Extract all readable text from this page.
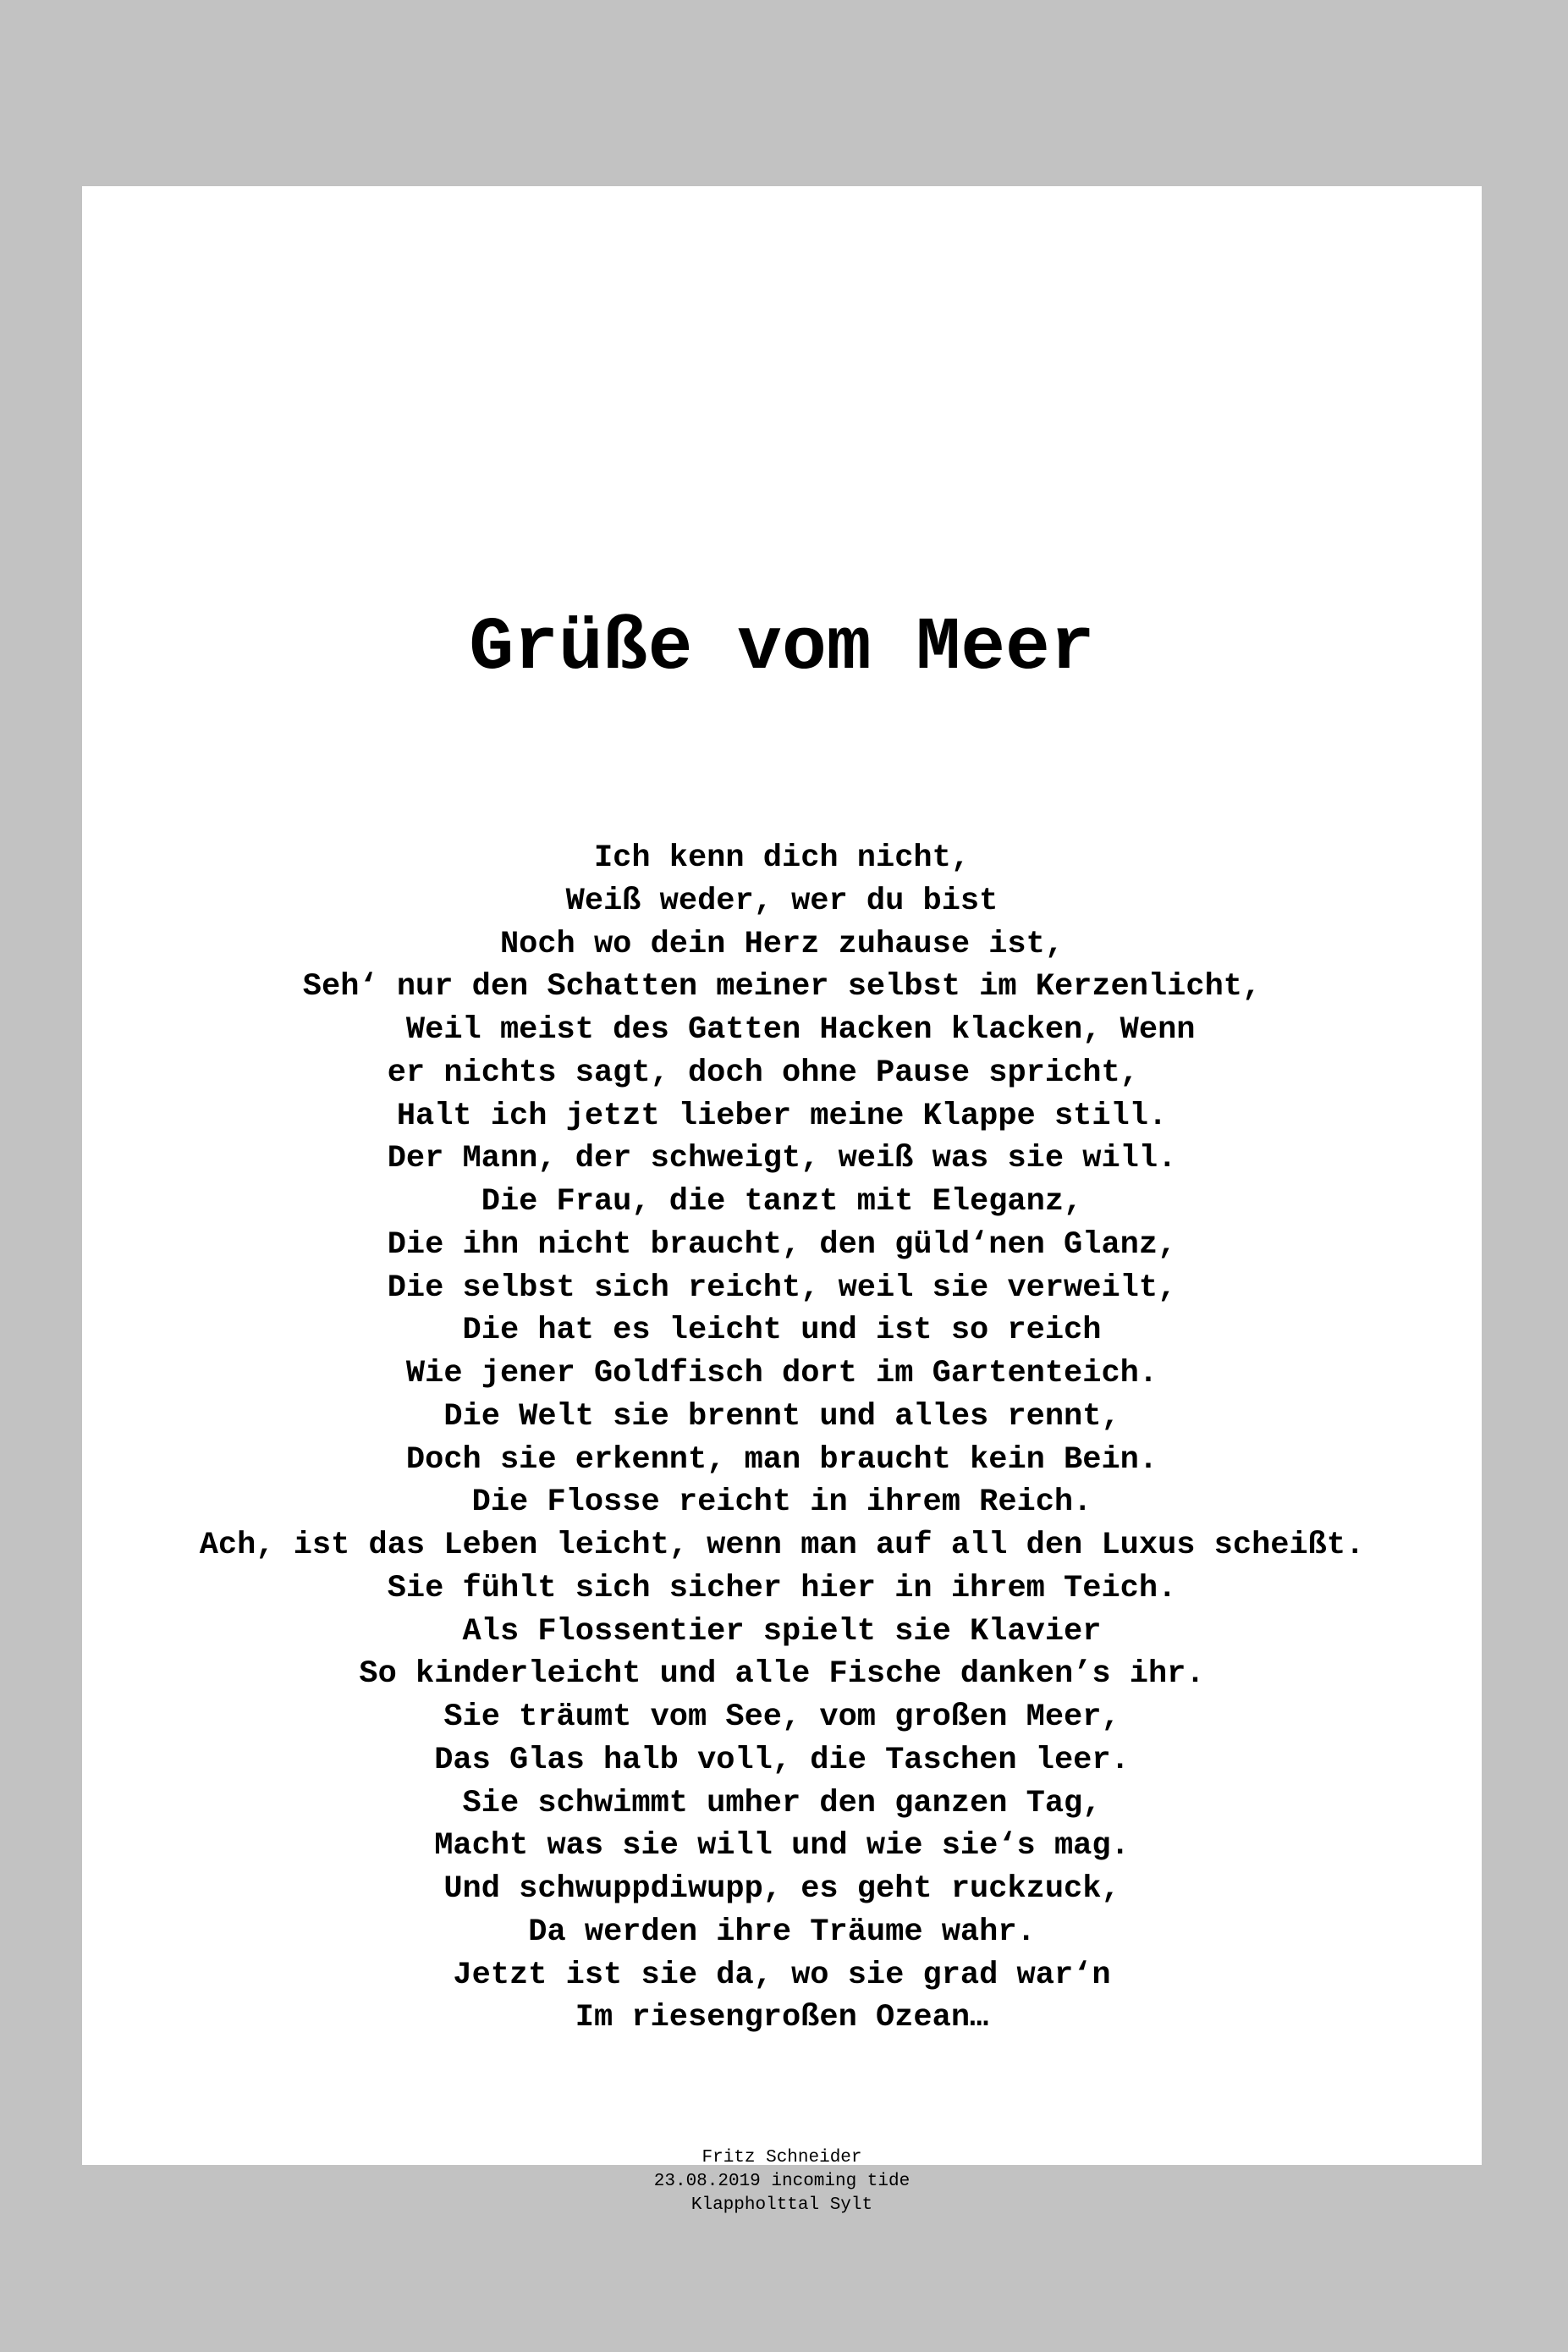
Grüße vom Meer
Ich kenn dich nicht,
Weiß weder, wer du bist
Noch wo dein Herz zuhause ist,
Seh‘ nur den Schatten meiner selbst im Kerzenlicht,
Weil meist des Gatten Hacken klacken, Wenn
er nichts sagt, doch ohne Pause spricht,
Halt ich jetzt lieber meine Klappe still.
Der Mann, der schweigt, weiß was sie will.
Die Frau, die tanzt mit Eleganz,
Die ihn nicht braucht, den güld‘nen Glanz,
Die selbst sich reicht, weil sie verweilt,
Die hat es leicht und ist so reich
Wie jener Goldfisch dort im Gartenteich.
Die Welt sie brennt und alles rennt,
Doch sie erkennt, man braucht kein Bein.
Die Flosse reicht in ihrem Reich.
Ach, ist das Leben leicht, wenn man auf all den Luxus scheißt.
Sie fühlt sich sicher hier in ihrem Teich.
Als Flossentier spielt sie Klavier
So kinderleicht und alle Fische danken’s ihr.
Sie träumt vom See, vom großen Meer,
Das Glas halb voll, die Taschen leer.
Sie schwimmt umher den ganzen Tag,
Macht was sie will und wie sie‘s mag.
Und schwuppdiwupp, es geht ruckzuck,
Da werden ihre Träume wahr.
Jetzt ist sie da, wo sie grad war‘n
Im riesengroßen Ozean…
Fritz Schneider
23.08.2019 incoming tide
Klappholttal Sylt
